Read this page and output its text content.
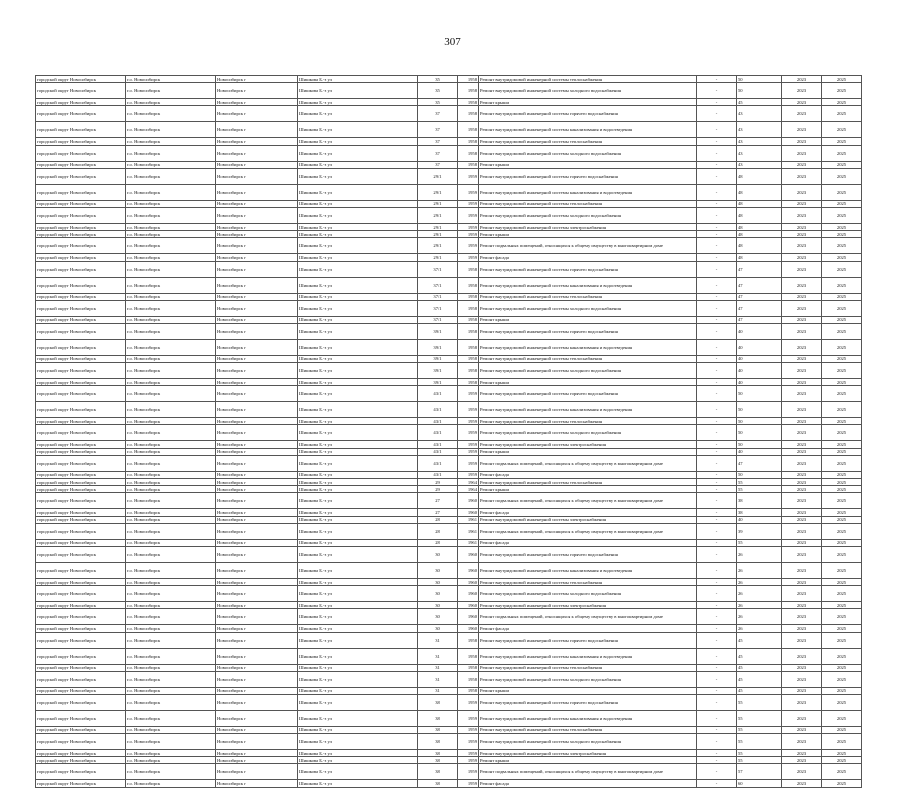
307
городской округ Новосибирск	г.о. Новосибирск	Новосибирск г	Шишкова Б.-з ул	35	1958	Ремонт внутридомовой инженерной системы теплоснабжения	-	50	2023	2025
городской округ Новосибирск	г.о. Новосибирск	Новосибирск г	Шишкова Б.-з ул	35	1958	Ремонт внутридомовой инженерной системы холодного водоснабжения	-	50	2023	2025
городской округ Новосибирск	г.о. Новосибирск	Новосибирск г	Шишкова Б.-з ул	35	1958	Ремонт крыши	-	45	2023	2025
городской округ Новосибирск	г.о. Новосибирск	Новосибирск г	Шишкова Б.-з ул	37	1958	Ремонт внутридомовой инженерной системы горячего водоснабжения	-	43	2023	2025
городской округ Новосибирск	г.о. Новосибирск	Новосибирск г	Шишкова Б.-з ул	37	1958	Ремонт внутридомовой инженерной системы канализования и водоотведения	-	43	2023	2025
городской округ Новосибирск	г.о. Новосибирск	Новосибирск г	Шишкова Б.-з ул	37	1958	Ремонт внутридомовой инженерной системы теплоснабжения	-	43	2023	2025
городской округ Новосибирск	г.о. Новосибирск	Новосибирск г	Шишкова Б.-з ул	37	1958	Ремонт внутридомовой инженерной системы холодного водоснабжения	-	43	2023	2025
городской округ Новосибирск	г.о. Новосибирск	Новосибирск г	Шишкова Б.-з ул	37	1958	Ремонт крыши	-	43	2023	2025
городской округ Новосибирск	г.о. Новосибирск	Новосибирск г	Шишкова Б.-з ул	29/1	1959	Ремонт внутридомовой инженерной системы горячего водоснабжения	-	48	2023	2025
городской округ Новосибирск	г.о. Новосибирск	Новосибирск г	Шишкова Б.-з ул	29/1	1959	Ремонт внутридомовой инженерной системы канализования и водоотведения	-	48	2023	2025
городской округ Новосибирск	г.о. Новосибирск	Новосибирск г	Шишкова Б.-з ул	29/1	1959	Ремонт внутридомовой инженерной системы теплоснабжения	-	48	2023	2025
городской округ Новосибирск	г.о. Новосибирск	Новосибирск г	Шишкова Б.-з ул	29/1	1959	Ремонт внутридомовой инженерной системы холодного водоснабжения	-	48	2023	2025
городской округ Новосибирск	г.о. Новосибирск	Новосибирск г	Шишкова Б.-з ул	29/1	1959	Ремонт внутридомовой инженерной системы электроснабжения	-	48	2023	2025
городской округ Новосибирск	г.о. Новосибирск	Новосибирск г	Шишкова Б.-з ул	29/1	1959	Ремонт крыши	-	48	2023	2025
городской округ Новосибирск	г.о. Новосибирск	Новосибирск г	Шишкова Б.-з ул	29/1	1959	Ремонт подвальных помещений, относящихся к общему имуществу в многоквартирном доме	-	48	2023	2025
городской округ Новосибирск	г.о. Новосибирск	Новосибирск г	Шишкова Б.-з ул	29/1	1959	Ремонт фасада	-	48	2023	2025
городской округ Новосибирск	г.о. Новосибирск	Новосибирск г	Шишкова Б.-з ул	37/1	1958	Ремонт внутридомовой инженерной системы горячего водоснабжения	-	47	2023	2025
городской округ Новосибирск	г.о. Новосибирск	Новосибирск г	Шишкова Б.-з ул	37/1	1958	Ремонт внутридомовой инженерной системы канализования и водоотведения	-	47	2023	2025
городской округ Новосибирск	г.о. Новосибирск	Новосибирск г	Шишкова Б.-з ул	37/1	1958	Ремонт внутридомовой инженерной системы теплоснабжения	-	47	2023	2025
городской округ Новосибирск	г.о. Новосибирск	Новосибирск г	Шишкова Б.-з ул	37/1	1958	Ремонт внутридомовой инженерной системы холодного водоснабжения	-	47	2023	2025
городской округ Новосибирск	г.о. Новосибирск	Новосибирск г	Шишкова Б.-з ул	37/1	1958	Ремонт крыши	-	47	2023	2025
городской округ Новосибирск	г.о. Новосибирск	Новосибирск г	Шишкова Б.-з ул	39/1	1958	Ремонт внутридомовой инженерной системы горячего водоснабжения	-	40	2023	2025
городской округ Новосибирск	г.о. Новосибирск	Новосибирск г	Шишкова Б.-з ул	39/1	1958	Ремонт внутридомовой инженерной системы канализования и водоотведения	-	40	2023	2025
городской округ Новосибирск	г.о. Новосибирск	Новосибирск г	Шишкова Б.-з ул	39/1	1958	Ремонт внутридомовой инженерной системы теплоснабжения	-	40	2023	2025
городской округ Новосибирск	г.о. Новосибирск	Новосибирск г	Шишкова Б.-з ул	39/1	1958	Ремонт внутридомовой инженерной системы холодного водоснабжения	-	40	2023	2025
городской округ Новосибирск	г.о. Новосибирск	Новосибирск г	Шишкова Б.-з ул	39/1	1958	Ремонт крыши	-	40	2023	2025
городской округ Новосибирск	г.о. Новосибирск	Новосибирск г	Шишкова Б.-з ул	43/1	1959	Ремонт внутридомовой инженерной системы горячего водоснабжения	-	50	2023	2025
городской округ Новосибирск	г.о. Новосибирск	Новосибирск г	Шишкова Б.-з ул	43/1	1959	Ремонт внутридомовой инженерной системы канализования и водоотведения	-	50	2023	2025
городской округ Новосибирск	г.о. Новосибирск	Новосибирск г	Шишкова Б.-з ул	43/1	1959	Ремонт внутридомовой инженерной системы теплоснабжения	-	50	2023	2025
городской округ Новосибирск	г.о. Новосибирск	Новосибирск г	Шишкова Б.-з ул	43/1	1959	Ремонт внутридомовой инженерной системы холодного водоснабжения	-	50	2023	2025
городской округ Новосибирск	г.о. Новосибирск	Новосибирск г	Шишкова Б.-з ул	43/1	1959	Ремонт внутридомовой инженерной системы электроснабжения	-	50	2023	2025
городской округ Новосибирск	г.о. Новосибирск	Новосибирск г	Шишкова Б.-з ул	43/1	1959	Ремонт крыши	-	40	2023	2025
городской округ Новосибирск	г.о. Новосибирск	Новосибирск г	Шишкова Б.-з ул	43/1	1959	Ремонт подвальных помещений, относящихся к общему имуществу в многоквартирном доме	-	47	2023	2025
городской округ Новосибирск	г.о. Новосибирск	Новосибирск г	Шишкова Б.-з ул	43/1	1959	Ремонт фасада	-	50	2023	2025
городской округ Новосибирск	г.о. Новосибирск	Новосибирск г	Шишкова Б.-з ул	29	1964	Ремонт внутридомовой инженерной системы теплоснабжения	-	55	2023	2025
городской округ Новосибирск	г.о. Новосибирск	Новосибирск г	Шишкова Б.-з ул	29	1964	Ремонт крыши	-	55	2023	2025
городской округ Новосибирск	г.о. Новосибирск	Новосибирск г	Шишкова Б.-з ул	27	1960	Ремонт подвальных помещений, относящихся к общему имуществу в многоквартирном доме	-	38	2023	2025
городской округ Новосибирск	г.о. Новосибирск	Новосибирск г	Шишкова Б.-з ул	27	1960	Ремонт фасада	-	38	2023	2025
городской округ Новосибирск	г.о. Новосибирск	Новосибирск г	Шишкова Б.-з ул	28	1961	Ремонт внутридомовой инженерной системы электроснабжения	-	40	2023	2025
городской округ Новосибирск	г.о. Новосибирск	Новосибирск г	Шишкова Б.-з ул	28	1961	Ремонт подвальных помещений, относящихся к общему имуществу в многоквартирном доме	-	39	2023	2025
городской округ Новосибирск	г.о. Новосибирск	Новосибирск г	Шишкова Б.-з ул	28	1961	Ремонт фасада	-	55	2023	2025
городской округ Новосибирск	г.о. Новосибирск	Новосибирск г	Шишкова Б.-з ул	30	1960	Ремонт внутридомовой инженерной системы горячего водоснабжения	-	26	2023	2025
городской округ Новосибирск	г.о. Новосибирск	Новосибирск г	Шишкова Б.-з ул	30	1960	Ремонт внутридомовой инженерной системы канализования и водоотведения	-	26	2023	2025
городской округ Новосибирск	г.о. Новосибирск	Новосибирск г	Шишкова Б.-з ул	30	1960	Ремонт внутридомовой инженерной системы теплоснабжения	-	26	2023	2025
городской округ Новосибирск	г.о. Новосибирск	Новосибирск г	Шишкова Б.-з ул	30	1960	Ремонт внутридомовой инженерной системы холодного водоснабжения	-	26	2023	2025
городской округ Новосибирск	г.о. Новосибирск	Новосибирск г	Шишкова Б.-з ул	30	1960	Ремонт внутридомовой инженерной системы электроснабжения	-	26	2023	2025
городской округ Новосибирск	г.о. Новосибирск	Новосибирск г	Шишкова Б.-з ул	30	1960	Ремонт подвальных помещений, относящихся к общему имуществу в многоквартирном доме	-	26	2023	2025
городской округ Новосибирск	г.о. Новосибирск	Новосибирск г	Шишкова Б.-з ул	30	1960	Ремонт фасада	-	26	2023	2025
городской округ Новосибирск	г.о. Новосибирск	Новосибирск г	Шишкова Б.-з ул	31	1958	Ремонт внутридомовой инженерной системы горячего водоснабжения	-	45	2023	2025
городской округ Новосибирск	г.о. Новосибирск	Новосибирск г	Шишкова Б.-з ул	31	1958	Ремонт внутридомовой инженерной системы канализования и водоотведения	-	45	2023	2025
городской округ Новосибирск	г.о. Новосибирск	Новосибирск г	Шишкова Б.-з ул	31	1958	Ремонт внутридомовой инженерной системы теплоснабжения	-	45	2023	2025
городской округ Новосибирск	г.о. Новосибирск	Новосибирск г	Шишкова Б.-з ул	31	1958	Ремонт внутридомовой инженерной системы холодного водоснабжения	-	45	2023	2025
городской округ Новосибирск	г.о. Новосибирск	Новосибирск г	Шишкова Б.-з ул	31	1958	Ремонт крыши	-	45	2023	2025
городской округ Новосибирск	г.о. Новосибирск	Новосибирск г	Шишкова Б.-з ул	38	1959	Ремонт внутридомовой инженерной системы горячего водоснабжения	-	55	2023	2025
городской округ Новосибирск	г.о. Новосибирск	Новосибирск г	Шишкова Б.-з ул	38	1959	Ремонт внутридомовой инженерной системы канализования и водоотведения	-	55	2023	2025
городской округ Новосибирск	г.о. Новосибирск	Новосибирск г	Шишкова Б.-з ул	38	1959	Ремонт внутридомовой инженерной системы теплоснабжения	-	55	2023	2025
городской округ Новосибирск	г.о. Новосибирск	Новосибирск г	Шишкова Б.-з ул	38	1959	Ремонт внутридомовой инженерной системы холодного водоснабжения	-	55	2023	2025
городской округ Новосибирск	г.о. Новосибирск	Новосибирск г	Шишкова Б.-з ул	38	1959	Ремонт внутридомовой инженерной системы электроснабжения	-	55	2023	2025
городской округ Новосибирск	г.о. Новосибирск	Новосибирск г	Шишкова Б.-з ул	38	1959	Ремонт крыши	-	55	2023	2025
городской округ Новосибирск	г.о. Новосибирск	Новосибирск г	Шишкова Б.-з ул	38	1959	Ремонт подвальных помещений, относящихся к общему имуществу в многоквартирном доме	-	57	2023	2025
городской округ Новосибирск	г.о. Новосибирск	Новосибирск г	Шишкова Б.-з ул	38	1959	Ремонт фасада	-	60	2023	2025
